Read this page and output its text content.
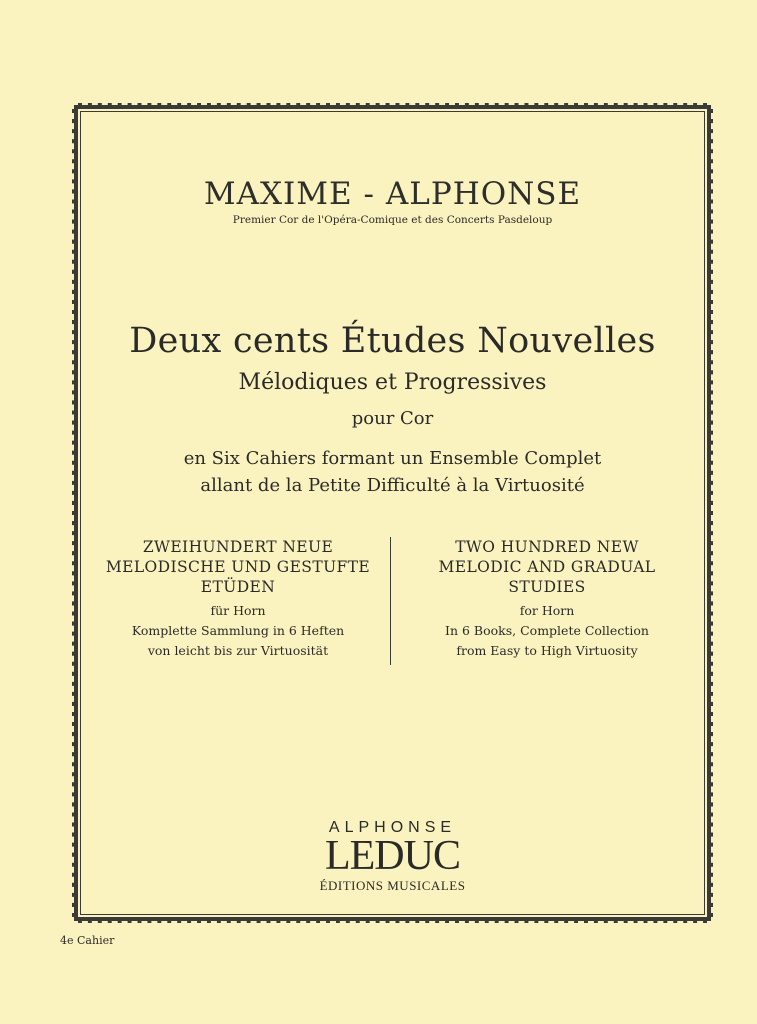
MAXIME - ALPHONSE
Premier Cor de l'Opéra-Comique et des Concerts Pasdeloup
Deux cents Études Nouvelles
Mélodiques et Progressives
pour Cor
en Six Cahiers formant un Ensemble Complet
allant de la Petite Difficulté à la Virtuosité
ZWEIHUNDERT NEUE
MELODISCHE UND GESTUFTE
ETÜDEN
für Horn
Komplette Sammlung in 6 Heften
von leicht bis zur Virtuosität
TWO HUNDRED NEW
MELODIC AND GRADUAL
STUDIES
for Horn
In 6 Books, Complete Collection
from Easy to High Virtuosity
ALPHONSE
LEDUC
ÉDITIONS MUSICALES
4e Cahier
